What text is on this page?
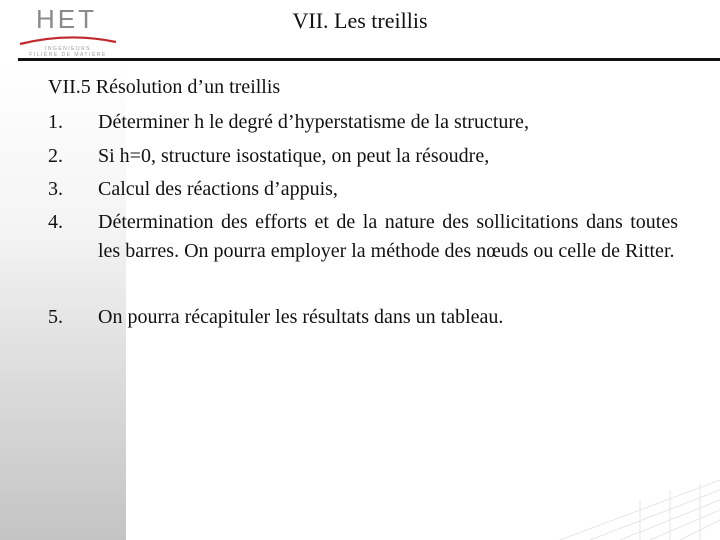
HET
INGÉNIEURS
FILIÈRE DE MATIÈRE
VII. Les treillis
VII.5 Résolution d’un treillis
1. Déterminer h le degré d’hyperstatisme de la structure,
2. Si h=0, structure isostatique, on peut la résoudre,
3. Calcul des réactions d’appuis,
4. Détermination des efforts et de la nature des sollicitations dans toutes les barres. On pourra employer la méthode des nœuds ou celle de Ritter.
5. On pourra récapituler les résultats dans un tableau.
